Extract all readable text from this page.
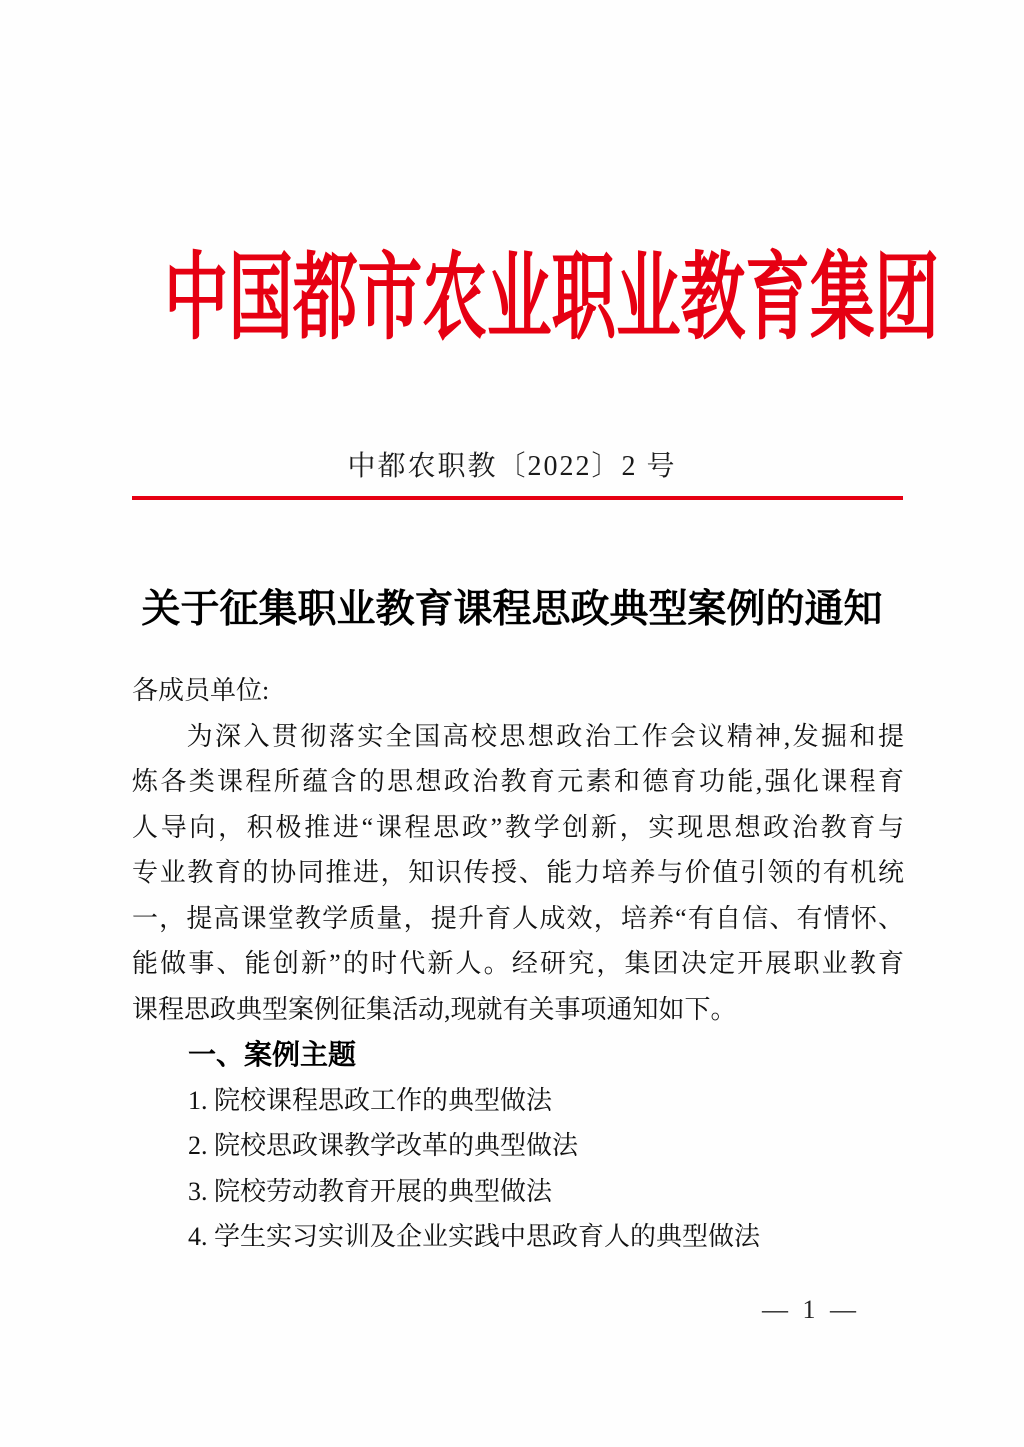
中国都市农业职业教育集团
中都农职教〔2022〕2 号
关于征集职业教育课程思政典型案例的通知
各成员单位:
为深入贯彻落实全国高校思想政治工作会议精神,发掘和提
炼各类课程所蕴含的思想政治教育元素和德育功能,强化课程育
人导向，积极推进“课程思政”教学创新，实现思想政治教育与
专业教育的协同推进，知识传授、能力培养与价值引领的有机统
一，提高课堂教学质量，提升育人成效，培养“有自信、有情怀、
能做事、能创新”的时代新人。经研究，集团决定开展职业教育
课程思政典型案例征集活动,现就有关事项通知如下。
一、案例主题
1. 院校课程思政工作的典型做法
2. 院校思政课教学改革的典型做法
3. 院校劳动教育开展的典型做法
4. 学生实习实训及企业实践中思政育人的典型做法
— 1 —
